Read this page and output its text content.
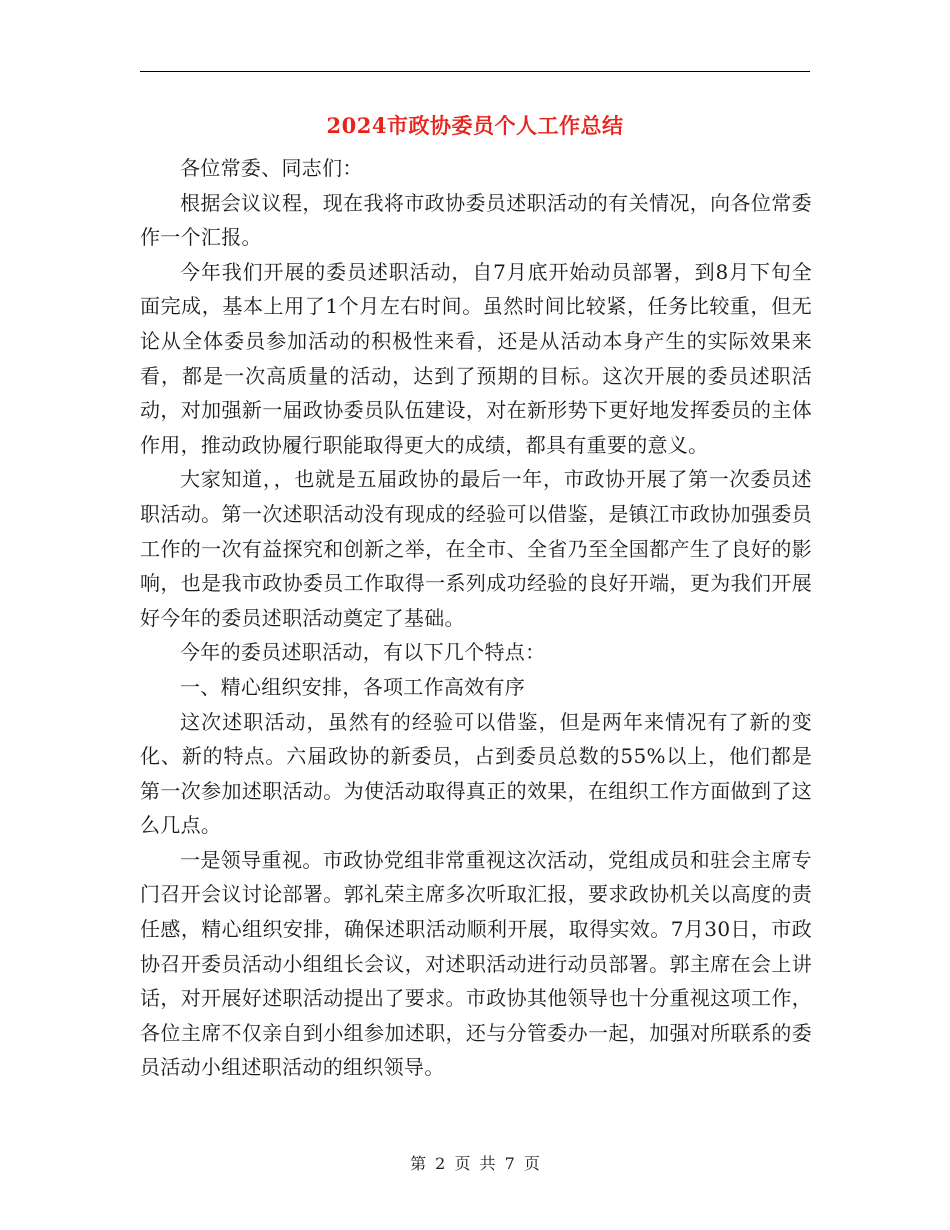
2024市政协委员个人工作总结

各位常委、同志们：

根据会议议程，现在我将市政协委员述职活动的有关情况，向各位常委作一个汇报。

今年我们开展的委员述职活动，自7月底开始动员部署，到8月下旬全面完成，基本上用了1个月左右时间。虽然时间比较紧，任务比较重，但无论从全体委员参加活动的积极性来看，还是从活动本身产生的实际效果来看，都是一次高质量的活动，达到了预期的目标。这次开展的委员述职活动，对加强新一届政协委员队伍建设，对在新形势下更好地发挥委员的主体作用，推动政协履行职能取得更大的成绩，都具有重要的意义。

大家知道，，也就是五届政协的最后一年，市政协开展了第一次委员述职活动。第一次述职活动没有现成的经验可以借鉴，是镇江市政协加强委员工作的一次有益探究和创新之举，在全市、全省乃至全国都产生了良好的影响，也是我市政协委员工作取得一系列成功经验的良好开端，更为我们开展好今年的委员述职活动奠定了基础。

今年的委员述职活动，有以下几个特点：

一、精心组织安排，各项工作高效有序

这次述职活动，虽然有的经验可以借鉴，但是两年来情况有了新的变化、新的特点。六届政协的新委员，占到委员总数的55%以上，他们都是第一次参加述职活动。为使活动取得真正的效果，在组织工作方面做到了这么几点。

一是领导重视。市政协党组非常重视这次活动，党组成员和驻会主席专门召开会议讨论部署。郭礼荣主席多次听取汇报，要求政协机关以高度的责任感，精心组织安排，确保述职活动顺利开展，取得实效。7月30日，市政协召开委员活动小组组长会议，对述职活动进行动员部署。郭主席在会上讲话，对开展好述职活动提出了要求。市政协其他领导也十分重视这项工作，各位主席不仅亲自到小组参加述职，还与分管委办一起，加强对所联系的委员活动小组述职活动的组织领导。

第 2 页 共 7 页
